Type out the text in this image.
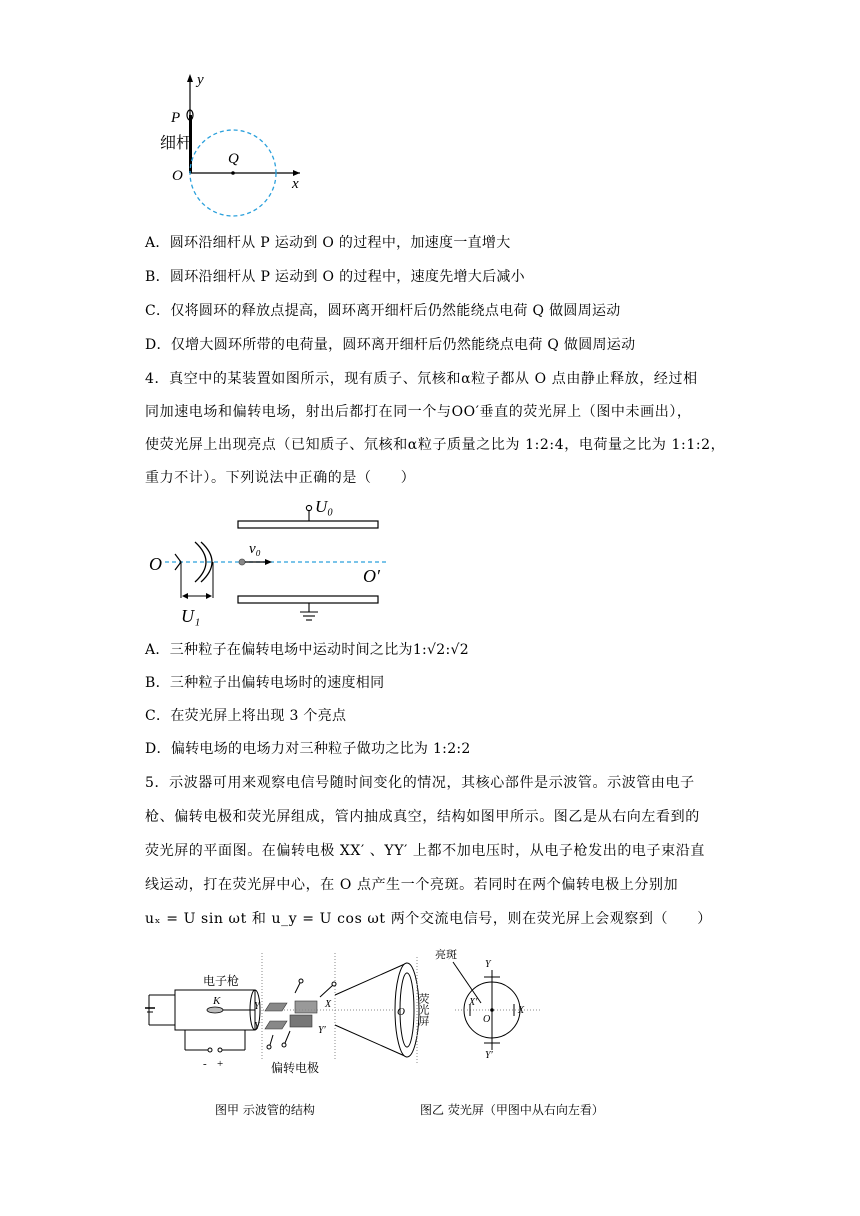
y
P
细杆
Q
O	x
A．圆环沿细杆从 P 运动到 O 的过程中，加速度一直增大
B．圆环沿细杆从 P 运动到 O 的过程中，速度先增大后减小
C．仅将圆环的释放点提高，圆环离开细杆后仍然能绕点电荷 Q 做圆周运动
D．仅增大圆环所带的电荷量，圆环离开细杆后仍然能绕点电荷 Q 做圆周运动
4．真空中的某装置如图所示，现有质子、氘核和α粒子都从 O 点由静止释放，经过相
同加速电场和偏转电场，射出后都打在同一个与OO′垂直的荧光屏上（图中未画出），
使荧光屏上出现亮点（已知质子、氘核和α粒子质量之比为 1:2:4，电荷量之比为 1:1:2，
重力不计）。下列说法中正确的是（　　）
U₀
O
v₀
O′
U₁
A．三种粒子在偏转电场中运动时间之比为1:√2:√2
B．三种粒子出偏转电场时的速度相同
C．在荧光屏上将出现 3 个亮点
D．偏转电场的电场力对三种粒子做功之比为 1:2:2
5．示波器可用来观察电信号随时间变化的情况，其核心部件是示波管。示波管由电子
枪、偏转电极和荧光屏组成，管内抽成真空，结构如图甲所示。图乙是从右向左看到的
荧光屏的平面图。在偏转电极 XX′ 、YY′ 上都不加电压时，从电子枪发出的电子束沿直
线运动，打在荧光屏中心，在 O 点产生一个亮斑。若同时在两个偏转电极上分别加
uₓ = U sin ωt 和 u_y = U cos ωt 两个交流电信号，则在荧光屏上会观察到（　　）
电子枪
K
- +
Y
Y
X
Y′
偏转电极
O 荧光屏
亮斑
Y
Y′
X
X′
O
图甲 示波管的结构	图乙 荧光屏（甲图中从右向左看）
